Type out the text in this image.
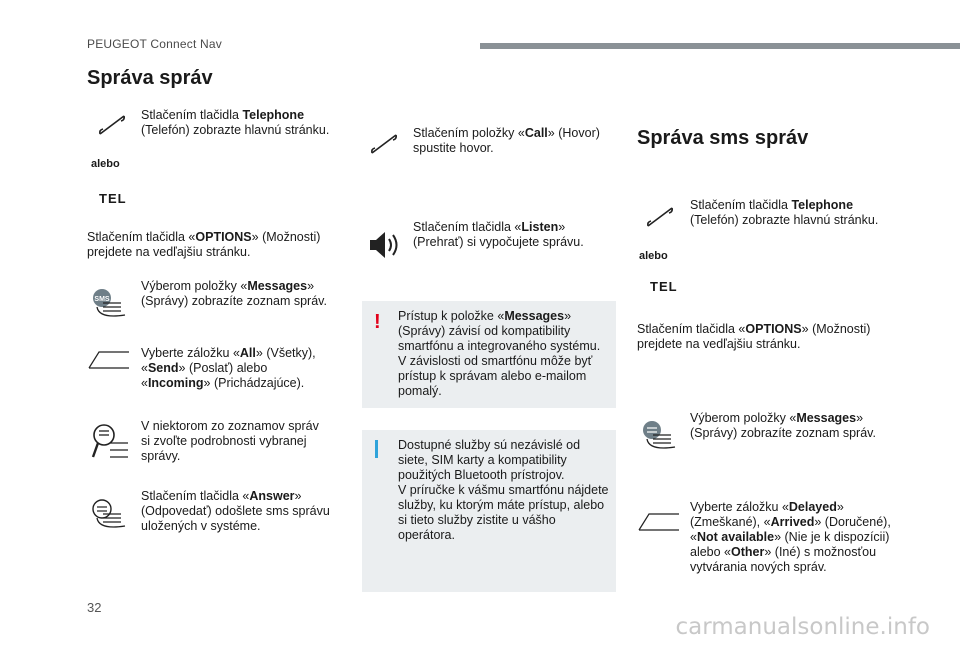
PEUGEOT Connect Nav
Správa správ
Stlačením tlačidla Telephone (Telefón) zobrazte hlavnú stránku.
alebo
TEL
Stlačením tlačidla «OPTIONS» (Možnosti) prejdete na vedľajšiu stránku.
SMS
Výberom položky «Messages» (Správy) zobrazíte zoznam správ.
Vyberte záložku «All» (Všetky), «Send» (Poslať) alebo «Incoming» (Prichádzajúce).
V niektorom zo zoznamov správ si zvoľte podrobnosti vybranej správy.
Stlačením tlačidla «Answer» (Odpovedať) odošlete sms správu uložených v systéme.
Stlačením položky «Call» (Hovor) spustite hovor.
Stlačením tlačidla «Listen» (Prehrať) si vypočujete správu.
! Prístup k položke «Messages» (Správy) závisí od kompatibility smartfónu a integrovaného systému.
V závislosti od smartfónu môže byť prístup k správam alebo e-mailom pomalý.
Dostupné služby sú nezávislé od siete, SIM karty a kompatibility použitých Bluetooth prístrojov.
V príručke k vášmu smartfónu nájdete služby, ku ktorým máte prístup, alebo si tieto služby zistite u vášho operátora.
Správa sms správ
Stlačením tlačidla Telephone (Telefón) zobrazte hlavnú stránku.
alebo
TEL
Stlačením tlačidla «OPTIONS» (Možnosti) prejdete na vedľajšiu stránku.
Výberom položky «Messages» (Správy) zobrazíte zoznam správ.
Vyberte záložku «Delayed» (Zmeškané), «Arrived» (Doručené), «Not available» (Nie je k dispozícii) alebo «Other» (Iné) s možnosťou vytvárania nových správ.
32
carmanualsonline.info
